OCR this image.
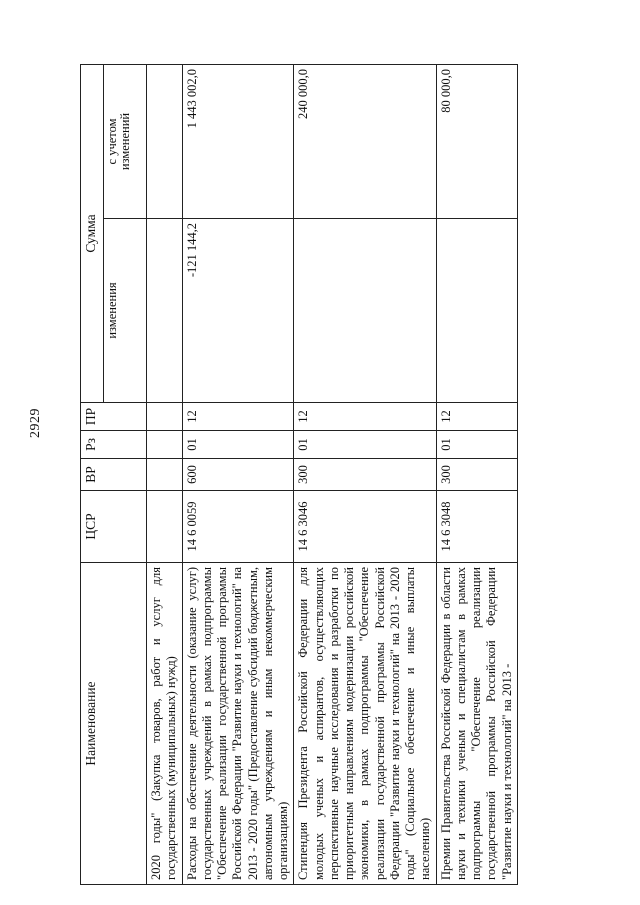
2929
Наименование	ЦСР	ВР	Рз	ПР	Сумма	
					изменения	с учетом
изменений
2020 годы" (Закупка товаров, работ и услуг для государственных (муниципальных) нужд)						
Расходы на обеспечение деятельности (оказание услуг) государственных учреждений в рамках подпрограммы "Обеспечение реализации государственной программы Российской Федерации "Развитие науки и технологий" на 2013 - 2020 годы" (Предоставление субсидий бюджетным, автономным учреждениям и иным некоммерческим организациям)	14 6 0059	600	01	12	-121 144,2	1 443 002,0
Стипендия Президента Российской Федерации для молодых ученых и аспирантов, осуществляющих перспективные научные исследования и разработки по приоритетным направлениям модернизации российской экономики, в рамках подпрограммы "Обеспечение реализации государственной программы Российской Федерации "Развитие науки и технологий" на 2013 - 2020 годы" (Социальное обеспечение и иные выплаты населению)	14 6 3046	300	01	12		240 000,0
Премии Правительства Российской Федерации в области науки и техники ученым и специалистам в рамках подпрограммы "Обеспечение реализации государственной программы Российской Федерации "Развитие науки и технологий" на 2013 -	14 6 3048	300	01	12		80 000,0
